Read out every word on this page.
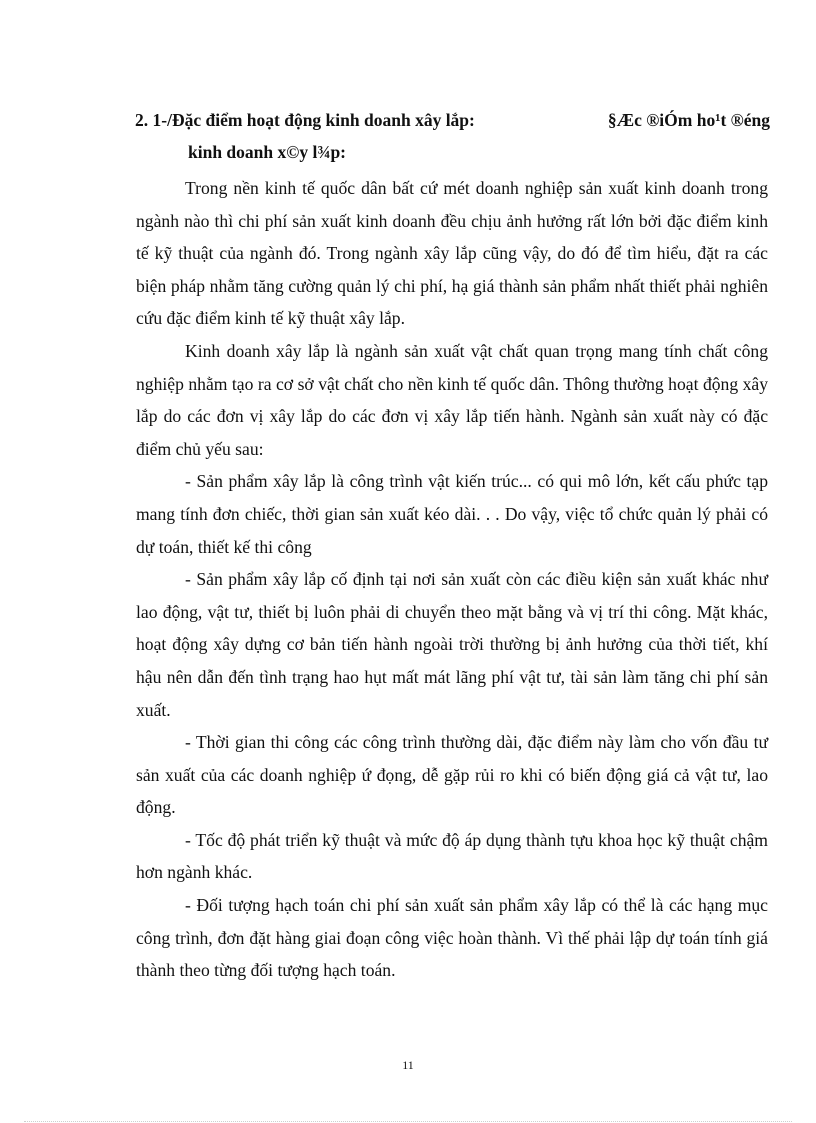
2. 1-/Đặc điểm hoạt động kinh doanh xây lắp:	§Æc ®iÓm ho¹t ®éng
kinh doanh x©y l¾p:

Trong nền kinh tế quốc dân bất cứ mét doanh nghiệp sản xuất kinh doanh trong ngành nào thì chi phí sản xuất kinh doanh đều chịu ảnh hưởng rất lớn bởi đặc điểm kinh tế kỹ thuật của ngành đó. Trong ngành xây lắp cũng vậy, do đó để tìm hiểu, đặt ra các biện pháp nhằm tăng cường quản lý chi phí, hạ giá thành sản phẩm nhất thiết phải nghiên cứu đặc điểm kinh tế kỹ thuật xây lắp.

Kinh doanh xây lắp là ngành sản xuất vật chất quan trọng mang tính chất công nghiệp nhằm tạo ra cơ sở vật chất cho nền kinh tế quốc dân. Thông thường hoạt động xây lắp do các đơn vị xây lắp do các đơn vị xây lắp tiến hành. Ngành sản xuất này có đặc điểm chủ yếu sau:

- Sản phẩm xây lắp là công trình vật kiến trúc... có qui mô lớn, kết cấu phức tạp mang tính đơn chiếc, thời gian sản xuất kéo dài. . . Do vậy, việc tổ chức quản lý phải có dự toán, thiết kế thi công

- Sản phẩm xây lắp cố định tại nơi sản xuất còn các điều kiện sản xuất khác như lao động, vật tư, thiết bị luôn phải di chuyển theo mặt bằng và vị trí thi công. Mặt khác, hoạt động xây dựng cơ bản tiến hành ngoài trời thường bị ảnh hưởng của thời tiết, khí hậu nên dẫn đến tình trạng hao hụt mất mát lãng phí vật tư, tài sản làm tăng chi phí sản xuất.

- Thời gian thi công các công trình thường dài, đặc điểm này làm cho vốn đầu tư sản xuất của các doanh nghiệp ứ đọng, dễ gặp rủi ro khi có biến động giá cả vật tư, lao động.

- Tốc độ phát triển kỹ thuật và mức độ áp dụng thành tựu khoa học kỹ thuật chậm hơn ngành khác.

- Đối tượng hạch toán chi phí sản xuất sản phẩm xây lắp có thể là các hạng mục công trình, đơn đặt hàng giai đoạn công việc hoàn thành. Vì thế phải lập dự toán tính giá thành theo từng đối tượng hạch toán.

11
